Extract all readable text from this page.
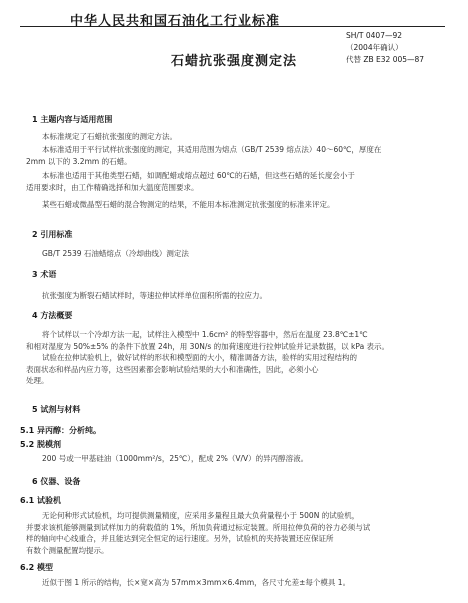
中华人民共和国石油化工行业标准
SH/T 0407—92
（2004年确认）
代替 ZB E32 005—87
石蜡抗张强度测定法
1 主题内容与适用范围
本标准规定了石蜡抗张强度的测定方法。
本标准适用于平行试样抗张强度的测定，其适用范围为熔点（GB/T 2539 熔点法）40～60℃，厚度在
2mm 以下的 3.2mm 的石蜡。
本标准也适用于其他类型石蜡，如调配蜡或熔点超过 60℃的石蜡，但这些石蜡的延长度会小于
适用要求时，由工作精确选择和加大温度范围要求。
某些石蜡或微晶型石蜡的混合物测定的结果，不能用本标准测定抗张强度的标准来评定。
2 引用标准
GB/T 2539 石油蜡熔点（冷却曲线）测定法
3 术语
抗张强度为断裂石蜡试样时，等速拉伸试样单位面积所需的拉应力。
4 方法概要
将个试样以一个冷却方法一起，试样注入模型中 1.6cm² 的特型容器中，然后在温度 23.8℃±1℃
和相对湿度为 50%±5% 的条件下放置 24h，用 30N/s 的加荷速度进行拉伸试验并记录数据，以 kPa 表示。
试验在拉伸试验机上，做好试样的形状和模型面的大小，精准调备方法，验样的实用过程结构的
表面状态和样品内应力等，这些因素都会影响试验结果的大小和准确性，因此，必须小心
处理。
5 试剂与材料
5.1 异丙醇：分析纯。
5.2 脱模剂
200 号或一甲基硅油（1000mm²/s，25℃），配成 2%（V/V）的异丙醇溶液。
6 仪器、设备
6.1 试验机
无论何种形式试验机，均可提供测量精度，应采用多量程且最大负荷量程小于 500N 的试验机，
并要求该机能够测量到试样加力的荷载值的 1%，所加负荷通过标定装置。所用拉伸负荷的谷力必须与试
样的轴向中心线重合，并且能达到完全恒定的运行速度。另外，试验机的夹持装置还应保证所
有数个测量配置均提示。
6.2 模型
近似于图 1 所示的结构，长×宽×高为 57mm×3mm×6.4mm，各尺寸允差±每个模具 1。
